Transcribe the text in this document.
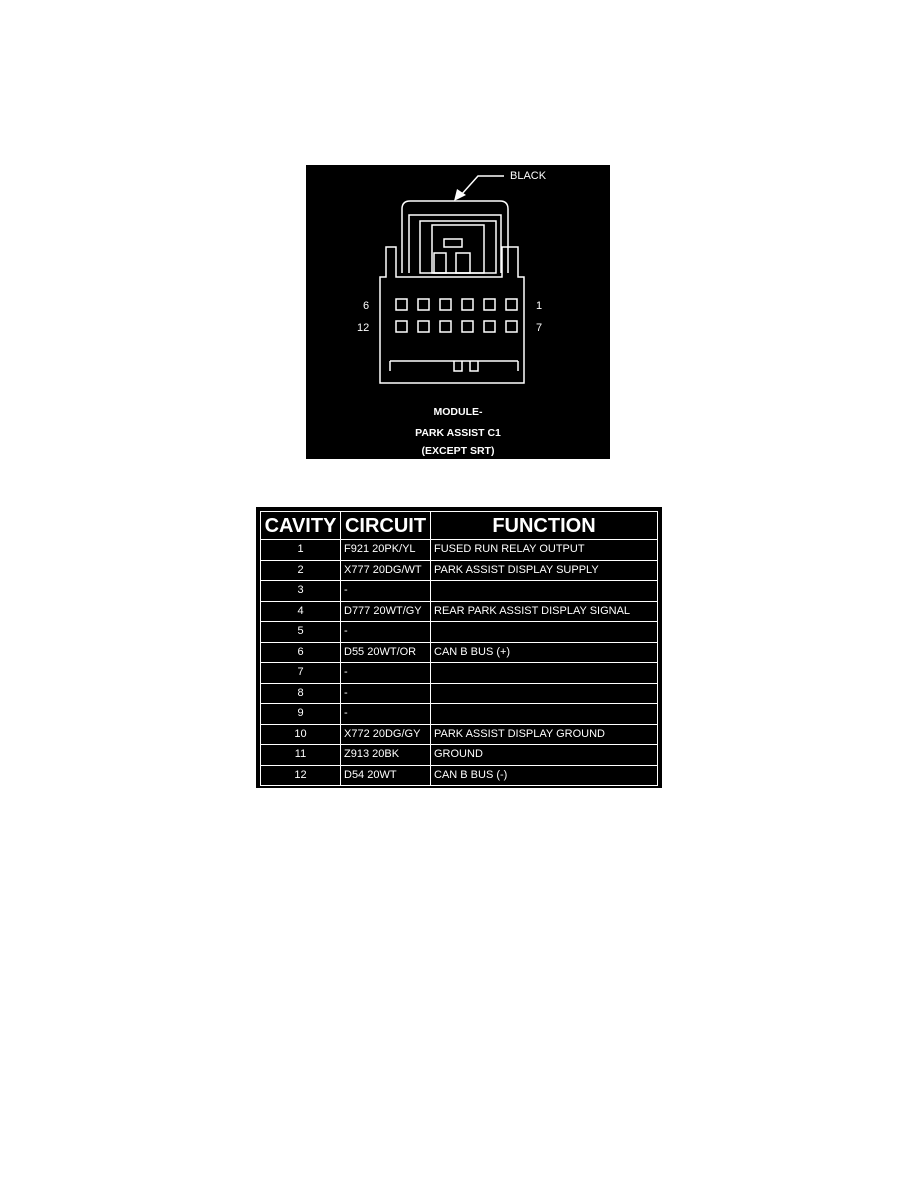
BLACK
6	1
12	7
MODULE-
PARK ASSIST C1
(EXCEPT SRT)
CAVITY	CIRCUIT	FUNCTION
1	F921 20PK/YL	FUSED RUN RELAY OUTPUT
2	X777 20DG/WT	PARK ASSIST DISPLAY SUPPLY
3	-	
4	D777 20WT/GY	REAR PARK ASSIST DISPLAY SIGNAL
5	-	
6	D55 20WT/OR	CAN B BUS (+)
7	-	
8	-	
9	-	
10	X772 20DG/GY	PARK ASSIST DISPLAY GROUND
11	Z913 20BK	GROUND
12	D54 20WT	CAN B BUS (-)
